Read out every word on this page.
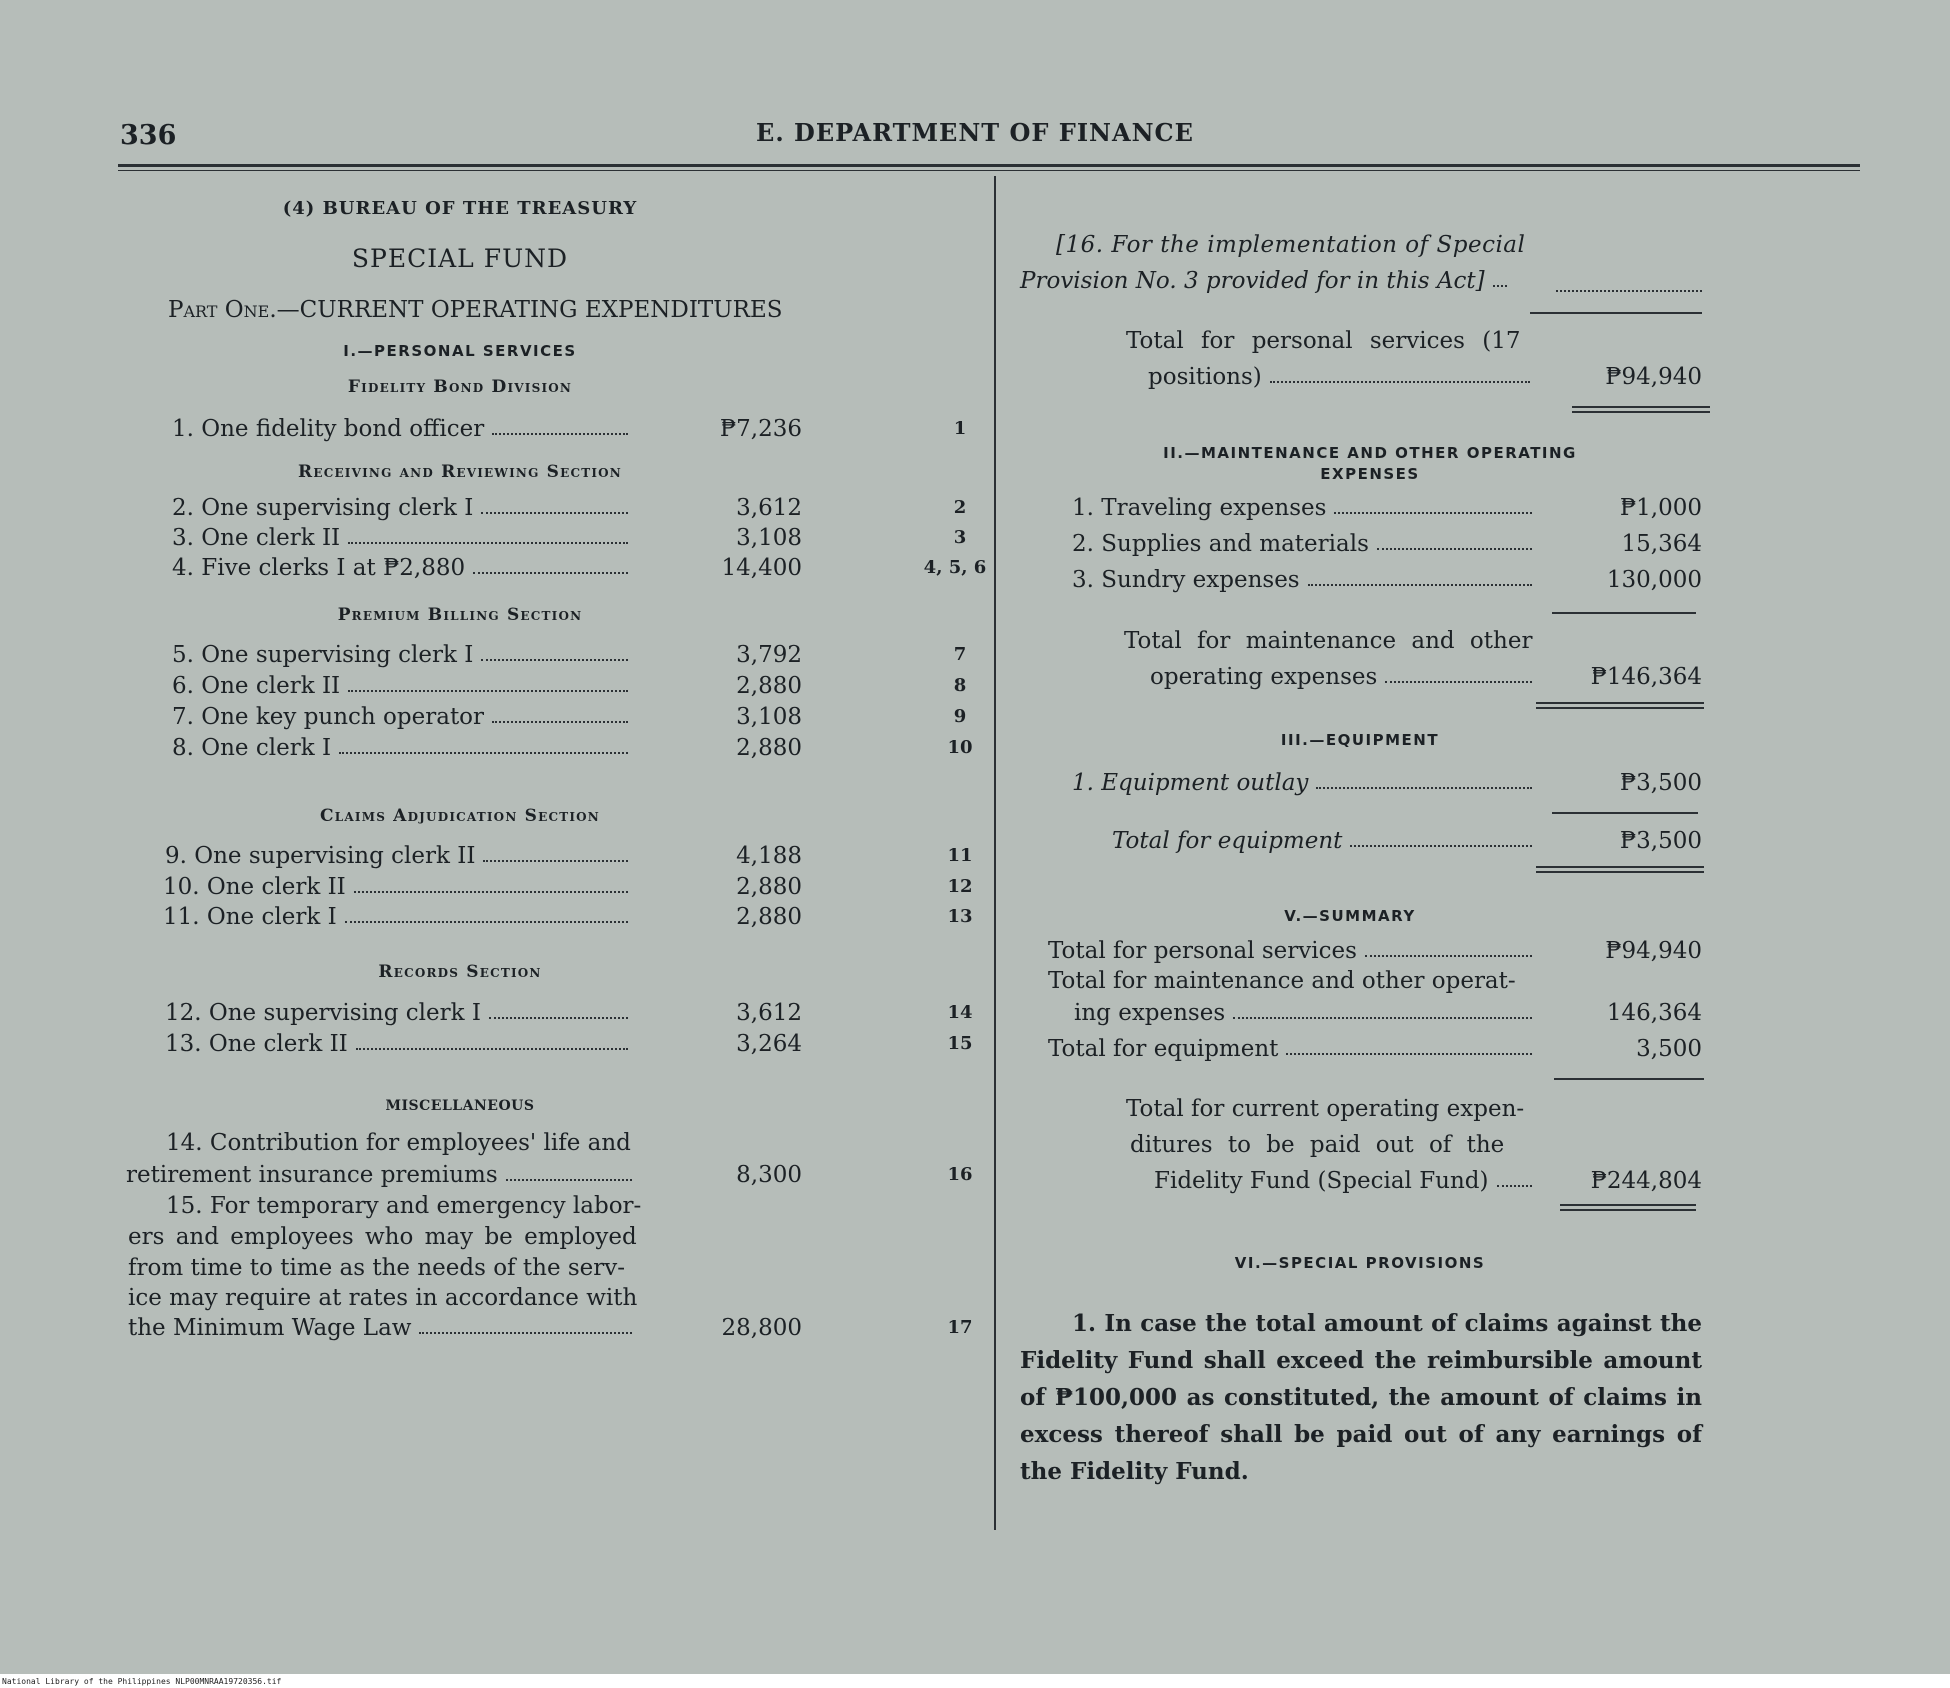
336	E. DEPARTMENT OF FINANCE
(4) BUREAU OF THE TREASURY
SPECIAL FUND
Part One.—CURRENT OPERATING EXPENDITURES
I.—PERSONAL SERVICES
Fidelity Bond Division
1. One fidelity bond officer	₱7,236	1
Receiving and Reviewing Section
2. One supervising clerk I	3,612	2
3. One clerk II	3,108	3
4. Five clerks I at ₱2,880	14,400	4, 5, 6
Premium Billing Section
5. One supervising clerk I	3,792	7
6. One clerk II	2,880	8
7. One key punch operator	3,108	9
8. One clerk I	2,880	10
Claims Adjudication Section
9. One supervising clerk II	4,188	11
10. One clerk II	2,880	12
11. One clerk I	2,880	13
Records Section
12. One supervising clerk I	3,612	14
13. One clerk II	3,264	15
MISCELLANEOUS
14. Contribution for employees' life and
retirement insurance premiums	8,300	16
15. For temporary and emergency labor-
ers and employees who may be employed
from time to time as the needs of the serv-
ice may require at rates in accordance with
the Minimum Wage Law	28,800	17
[16. For the implementation of Special
Provision No. 3 provided for in this Act]
Total for personal services (17
positions)	₱94,940
II.—MAINTENANCE AND OTHER OPERATING
EXPENSES
1. Traveling expenses	₱1,000
2. Supplies and materials	15,364
3. Sundry expenses	130,000
Total for maintenance and other
operating expenses	₱146,364
III.—EQUIPMENT
1. Equipment outlay	₱3,500
Total for equipment	₱3,500
V.—SUMMARY
Total for personal services	₱94,940
Total for maintenance and other operat-
ing expenses	146,364
Total for equipment	3,500
Total for current operating expen-
ditures to be paid out of the
Fidelity Fund (Special Fund)	₱244,804
VI.—SPECIAL PROVISIONS
1. In case the total amount of claims against the Fidelity Fund shall exceed the reimbursible amount of ₱100,000 as constituted, the amount of claims in excess thereof shall be paid out of any earnings of the Fidelity Fund.
National Library of the Philippines NLP00MNRAA19720356.tif
